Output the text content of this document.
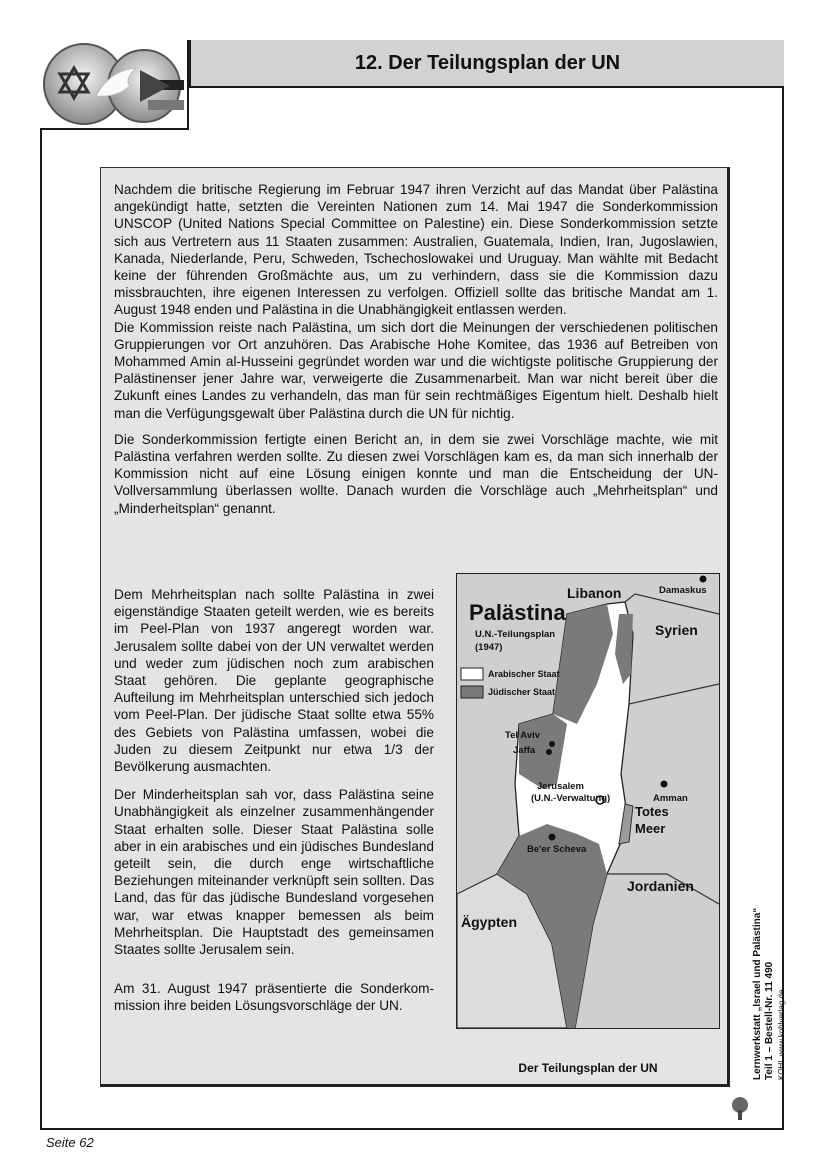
12. Der Teilungsplan der UN

Nachdem die britische Regierung im Februar 1947 ihren Verzicht auf das Mandat über Palästina angekündigt hatte, setzten die Vereinten Nationen zum 14. Mai 1947 die Sonderkommission UNSCOP (United Nations Special Committee on Palestine) ein. Diese Sonderkommission setzte sich aus Vertretern aus 11 Staaten zusammen: Australien, Guatemala, Indien, Iran, Jugoslawien, Kanada, Niederlande, Peru, Schweden, Tschechoslowakei und Uruguay. Man wählte mit Bedacht keine der führenden Großmächte aus, um zu verhindern, dass sie die Kommission dazu missbrauchten, ihre eigenen Interessen zu verfolgen. Offiziell sollte das britische Mandat am 1. August 1948 enden und Palästina in die Unabhängigkeit entlassen werden.

Die Kommission reiste nach Palästina, um sich dort die Meinungen der verschiedenen politischen Gruppierungen vor Ort anzuhören. Das Arabische Hohe Komitee, das 1936 auf Betreiben von Mohammed Amin al-Husseini gegründet worden war und die wichtigste politische Gruppierung der Palästinenser jener Jahre war, verweigerte die Zusammenarbeit. Man war nicht bereit über die Zukunft eines Landes zu verhandeln, das man für sein rechtmäßiges Eigentum hielt. Deshalb hielt man die Verfügungsgewalt über Palästina durch die UN für nichtig.

Die Sonderkommission fertigte einen Bericht an, in dem sie zwei Vorschläge machte, wie mit Palästina verfahren werden sollte. Zu diesen zwei Vorschlägen kam es, da man sich innerhalb der Kommission nicht auf eine Lösung einigen konnte und man die Entscheidung der UN-Vollversammlung überlassen wollte. Danach wurden die Vorschläge auch „Mehrheitsplan“ und „Minderheitsplan“ genannt.

Dem Mehrheitsplan nach sollte Palästina in zwei eigenständige Staaten geteilt werden, wie es bereits im Peel-Plan von 1937 angeregt worden war. Jerusalem sollte dabei von der UN verwaltet werden und weder zum jüdischen noch zum arabischen Staat gehören. Die geplante geographische Aufteilung im Mehrheitsplan unterschied sich jedoch vom Peel-Plan. Der jüdische Staat sollte etwa 55% des Gebiets von Palästina umfassen, wobei die Juden zu diesem Zeitpunkt nur etwa 1/3 der Bevölkerung ausmachten.

Der Minderheitsplan sah vor, dass Palästina seine Unabhängigkeit als einzelner zusammenhängender Staat erhalten solle. Dieser Staat Palästina solle aber in ein arabisches und ein jüdisches Bundesland geteilt sein, die durch enge wirtschaftliche Beziehungen miteinander verknüpft sein sollten. Das Land, das für das jüdische Bundesland vorgesehen war, war etwas knapper bemessen als beim Mehrheitsplan. Die Hauptstadt des gemeinsamen Staates sollte Jerusalem sein.

Am 31. August 1947 präsentierte die Sonderkommission ihre beiden Lösungsvorschläge der UN.

Palästina
U.N.-Teilungsplan
(1947)
Arabischer Staat
Jüdischer Staat
Libanon	Damaskus
Syrien
Tel Aviv
Jaffa
Amman
Jerusalem
(U.N.-Verwaltung)
Totes
Meer
Be'er Scheva
Jordanien
Ägypten
Der Teilungsplan der UN	Lernwerkstatt „Israel und Palästina“ Teil 1 – Bestell-Nr. 11 490 KOHL www.kohlverlag.de
Seite 62
